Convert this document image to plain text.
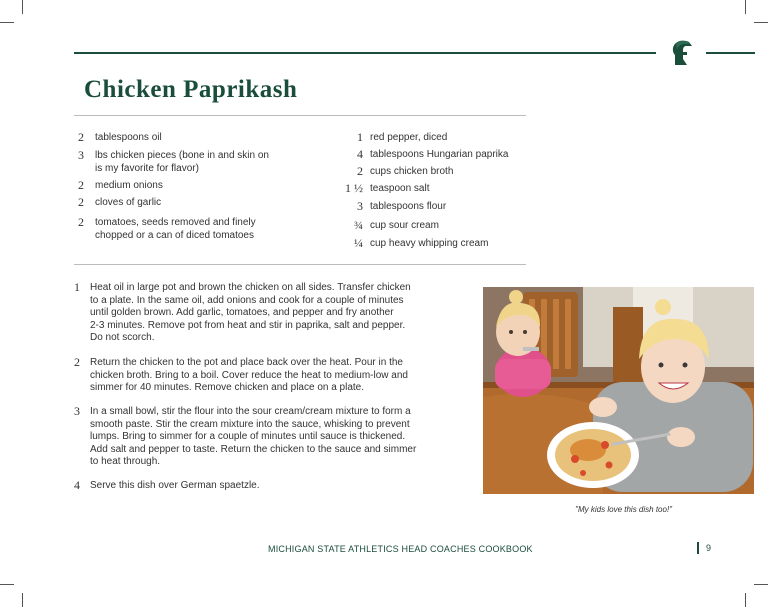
Chicken Paprikash
2	tablespoons oil
3	lbs chicken pieces (bone in and skin on
is my favorite for flavor)
2	medium onions
2	cloves of garlic
2	tomatoes, seeds removed and finely
chopped or a can of diced tomatoes
1 red pepper, diced
4 tablespoons Hungarian paprika
2 cups chicken broth
1 ½ teaspoon salt
3 tablespoons flour
¾ cup sour cream
¼ cup heavy whipping cream
1 Heat oil in large pot and brown the chicken on all sides. Transfer chicken
to a plate. In the same oil, add onions and cook for a couple of minutes
until golden brown. Add garlic, tomatoes, and pepper and fry another
2-3 minutes. Remove pot from heat and stir in paprika, salt and pepper.
Do not scorch.
2 Return the chicken to the pot and place back over the heat. Pour in the
chicken broth. Bring to a boil. Cover reduce the heat to medium-low and
simmer for 40 minutes. Remove chicken and place on a plate.
3 In a small bowl, stir the flour into the sour cream/cream mixture to form a
smooth paste. Stir the cream mixture into the sauce, whisking to prevent
lumps. Bring to simmer for a couple of minutes until sauce is thickened.
Add salt and pepper to taste. Return the chicken to the sauce and simmer
to heat through.
4 Serve this dish over German spaetzle.
"My kids love this dish too!"
MICHIGAN STATE ATHLETICS HEAD COACHES COOKBOOK	9
